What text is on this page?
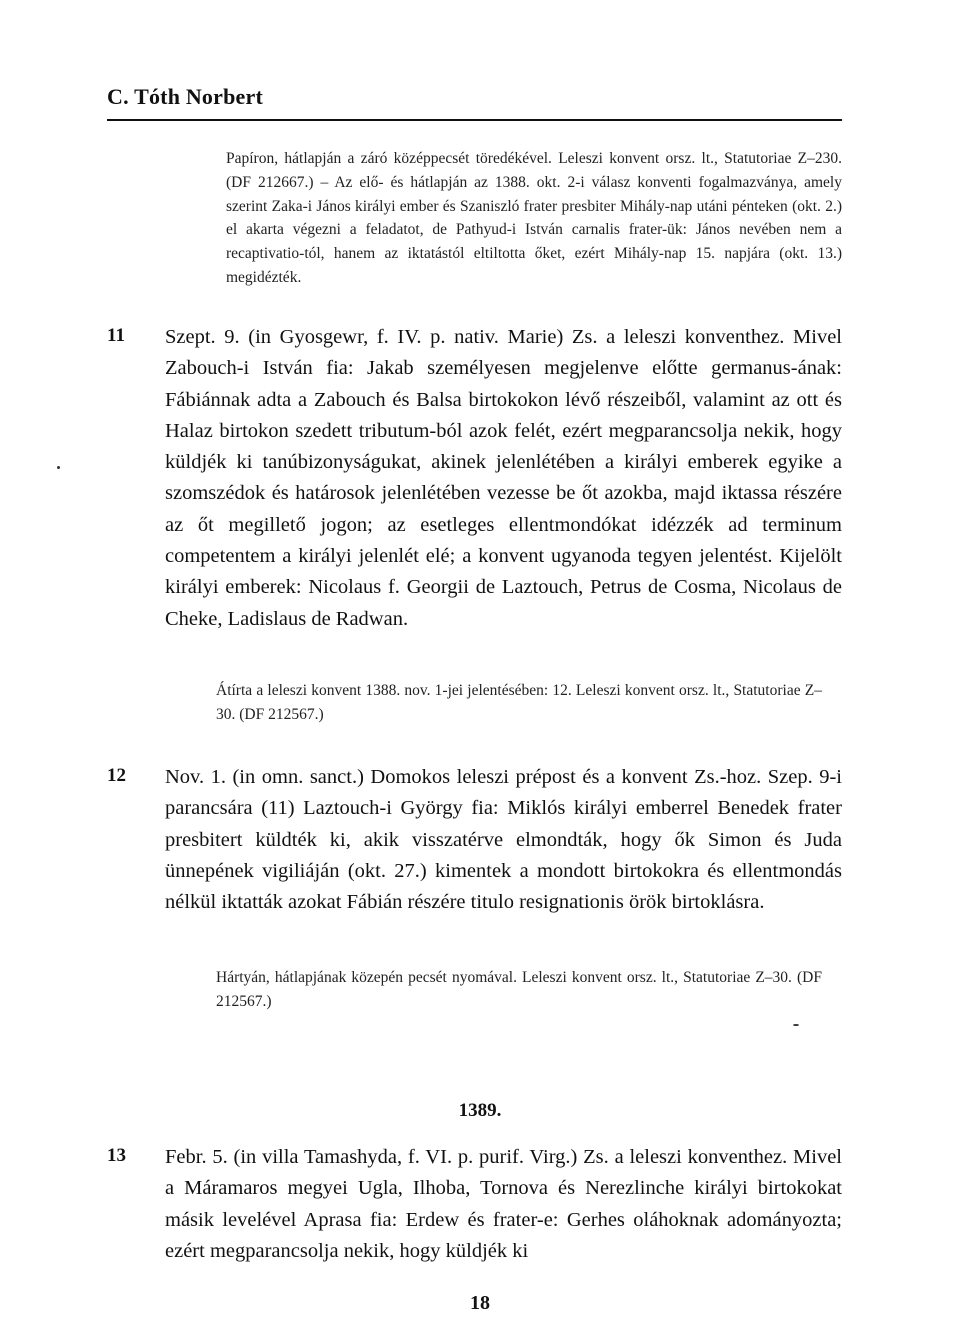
C. Tóth Norbert
Papíron, hátlapján a záró középpecsét töredékével. Leleszi konvent orsz. lt., Statutoriae Z–230. (DF 212667.) – Az elő- és hátlapján az 1388. okt. 2-i válasz konventi fogalmazványa, amely szerint Zaka-i János királyi ember és Szaniszló frater presbiter Mihály-nap utáni pénteken (okt. 2.) el akarta végezni a feladatot, de Pathyud-i István carnalis frater-ük: János nevében nem a recaptivatio-tól, hanem az iktatástól eltiltotta őket, ezért Mihály-nap 15. napjára (okt. 13.) megidézték.
11 Szept. 9. (in Gyosgewr, f. IV. p. nativ. Marie) Zs. a leleszi konventhez. Mivel Zabouch-i István fia: Jakab személyesen megjelenve előtte germanus-ának: Fábiánnak adta a Zabouch és Balsa birtokokon lévő részeiből, valamint az ott és Halaz birtokon szedett tributum-ból azok felét, ezért megparancsolja nekik, hogy küldjék ki tanúbizonyságukat, akinek jelenlétében a királyi emberek egyike a szomszédok és határosok jelenlétében vezesse be őt azokba, majd iktassa részére az őt megillető jogon; az esetleges ellentmondókat idézzék ad terminum competentem a királyi jelenlét elé; a konvent ugyanoda tegyen jelentést. Kijelölt királyi emberek: Nicolaus f. Georgii de Laztouch, Petrus de Cosma, Nicolaus de Cheke, Ladislaus de Radwan.
Átírta a leleszi konvent 1388. nov. 1-jei jelentésében: 12. Leleszi konvent orsz. lt., Statutoriae Z–30. (DF 212567.)
12 Nov. 1. (in omn. sanct.) Domokos leleszi prépost és a konvent Zs.-hoz. Szep. 9-i parancsára (11) Laztouch-i György fia: Miklós királyi emberrel Benedek frater presbitert küldték ki, akik visszatérve elmondták, hogy ők Simon és Juda ünnepének vigiliáján (okt. 27.) kimentek a mondott birtokokra és ellentmondás nélkül iktatták azokat Fábián részére titulo resignationis örök birtoklásra.
Hártyán, hátlapjának közepén pecsét nyomával. Leleszi konvent orsz. lt., Statutoriae Z–30. (DF 212567.)
1389.
13 Febr. 5. (in villa Tamashyda, f. VI. p. purif. Virg.) Zs. a leleszi konventhez. Mivel a Máramaros megyei Ugla, Ilhoba, Tornova és Nerezlinche királyi birtokokat másik levelével Aprasa fia: Erdew és frater-e: Gerhes oláhoknak adományozta; ezért megparancsolja nekik, hogy küldjék ki
18
